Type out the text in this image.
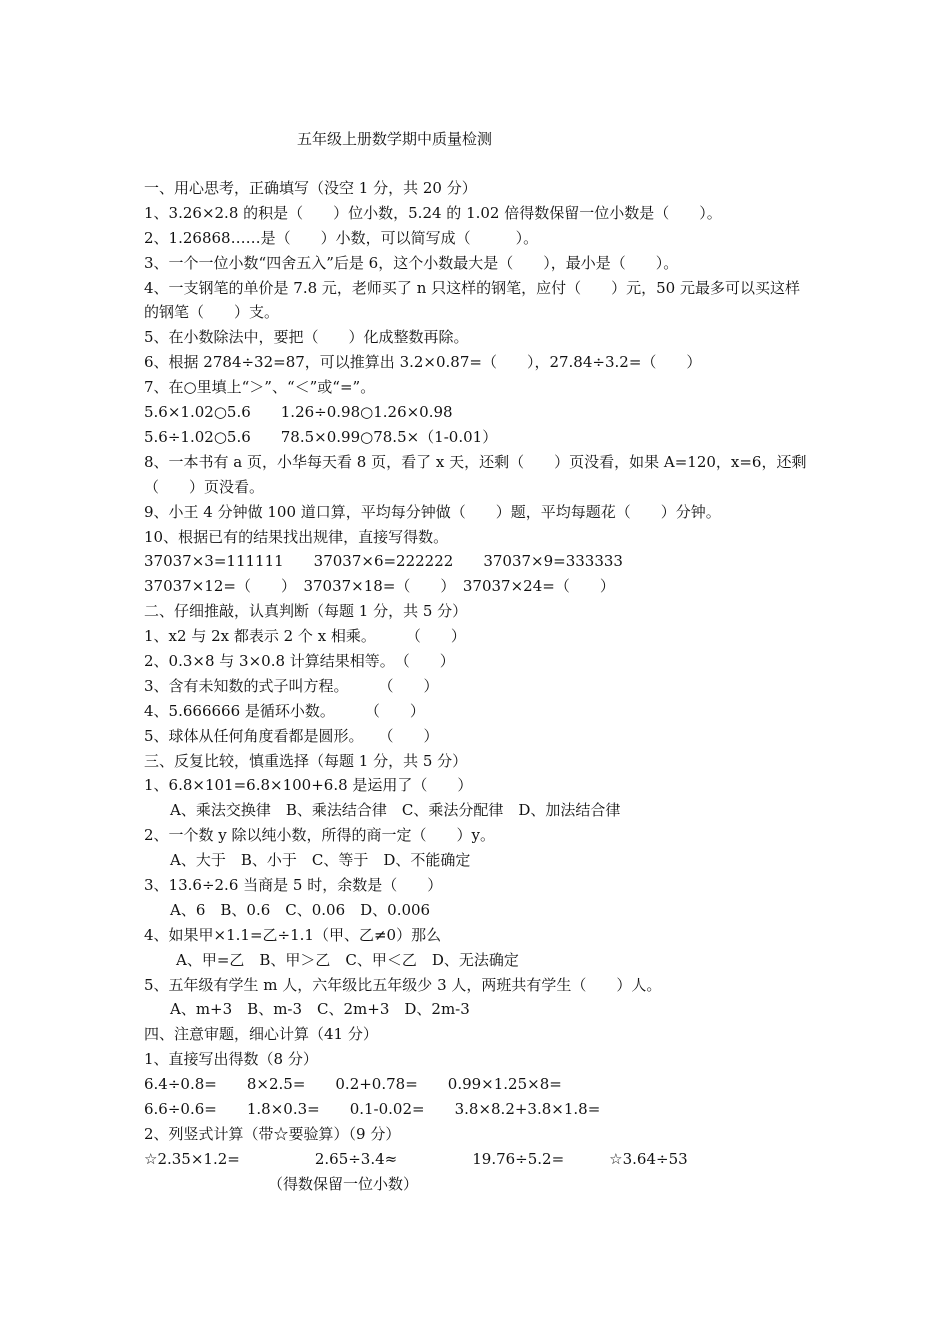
五年级上册数学期中质量检测
一、用心思考，正确填写（没空 1 分，共 20 分）
1、3.26×2.8 的积是（　　）位小数，5.24 的 1.02 倍得数保留一位小数是（　　）。
2、1.26868……是（　　）小数，可以简写成（　　　）。
3、一个一位小数“四舍五入”后是 6，这个小数最大是（　　），最小是（　　）。
4、一支钢笔的单价是 7.8 元，老师买了 n 只这样的钢笔，应付（　　）元，50 元最多可以买这样的钢笔（　　）支。
5、在小数除法中，要把（　　）化成整数再除。
6、根据 2784÷32=87，可以推算出 3.2×0.87=（　　），27.84÷3.2=（　　）
7、在○里填上“＞”、“＜”或“=”。
5.6×1.02○5.6　　1.26÷0.98○1.26×0.98
5.6÷1.02○5.6　　78.5×0.99○78.5×（1-0.01）
8、一本书有 a 页，小华每天看 8 页，看了 x 天，还剩（　　）页没看，如果 A=120，x=6，还剩（　　）页没看。
9、小王 4 分钟做 100 道口算，平均每分钟做（　　）题，平均每题花（　　）分钟。
10、根据已有的结果找出规律，直接写得数。
37037×3=111111　　37037×6=222222　　37037×9=333333
37037×12=（　　）　37037×18=（　　）　37037×24=（　　）
二、仔细推敲，认真判断（每题 1 分，共 5 分）
1、x2 与 2x 都表示 2 个 x 相乘。　　　（　　）
2、0.3×8 与 3×0.8 计算结果相等。　（　　）
3、含有未知数的式子叫方程。　　　（　　）
4、5.666666 是循环小数。　　　（　　）
5、球体从任何角度看都是圆形。　　（　　）
三、反复比较，慎重选择（每题 1 分，共 5 分）
1、6.8×101=6.8×100+6.8 是运用了（　　）
A、乘法交换律　B、乘法结合律　C、乘法分配律　D、加法结合律
2、一个数 y 除以纯小数，所得的商一定（　　）y。
A、大于　B、小于　C、等于　D、不能确定
3、13.6÷2.6 当商是 5 时，余数是（　　）
A、6　B、0.6　C、0.06　D、0.006
4、如果甲×1.1=乙÷1.1（甲、乙≠0）那么
A、甲=乙　B、甲＞乙　C、甲＜乙　D、无法确定
5、五年级有学生 m 人，六年级比五年级少 3 人，两班共有学生（　　）人。
A、m+3　B、m-3　C、2m+3　D、2m-3
四、注意审题，细心计算（41 分）
1、直接写出得数（8 分）
6.4÷0.8=　　8×2.5=　　0.2+0.78=　　0.99×1.25×8=
6.6÷0.6=　　1.8×0.3=　　0.1-0.02=　　3.8×8.2+3.8×1.8=
2、列竖式计算（带☆要验算）（9 分）
☆2.35×1.2=　　　　　2.65÷3.4≈　　　　　19.76÷5.2=　　　☆3.64÷53
（得数保留一位小数）
